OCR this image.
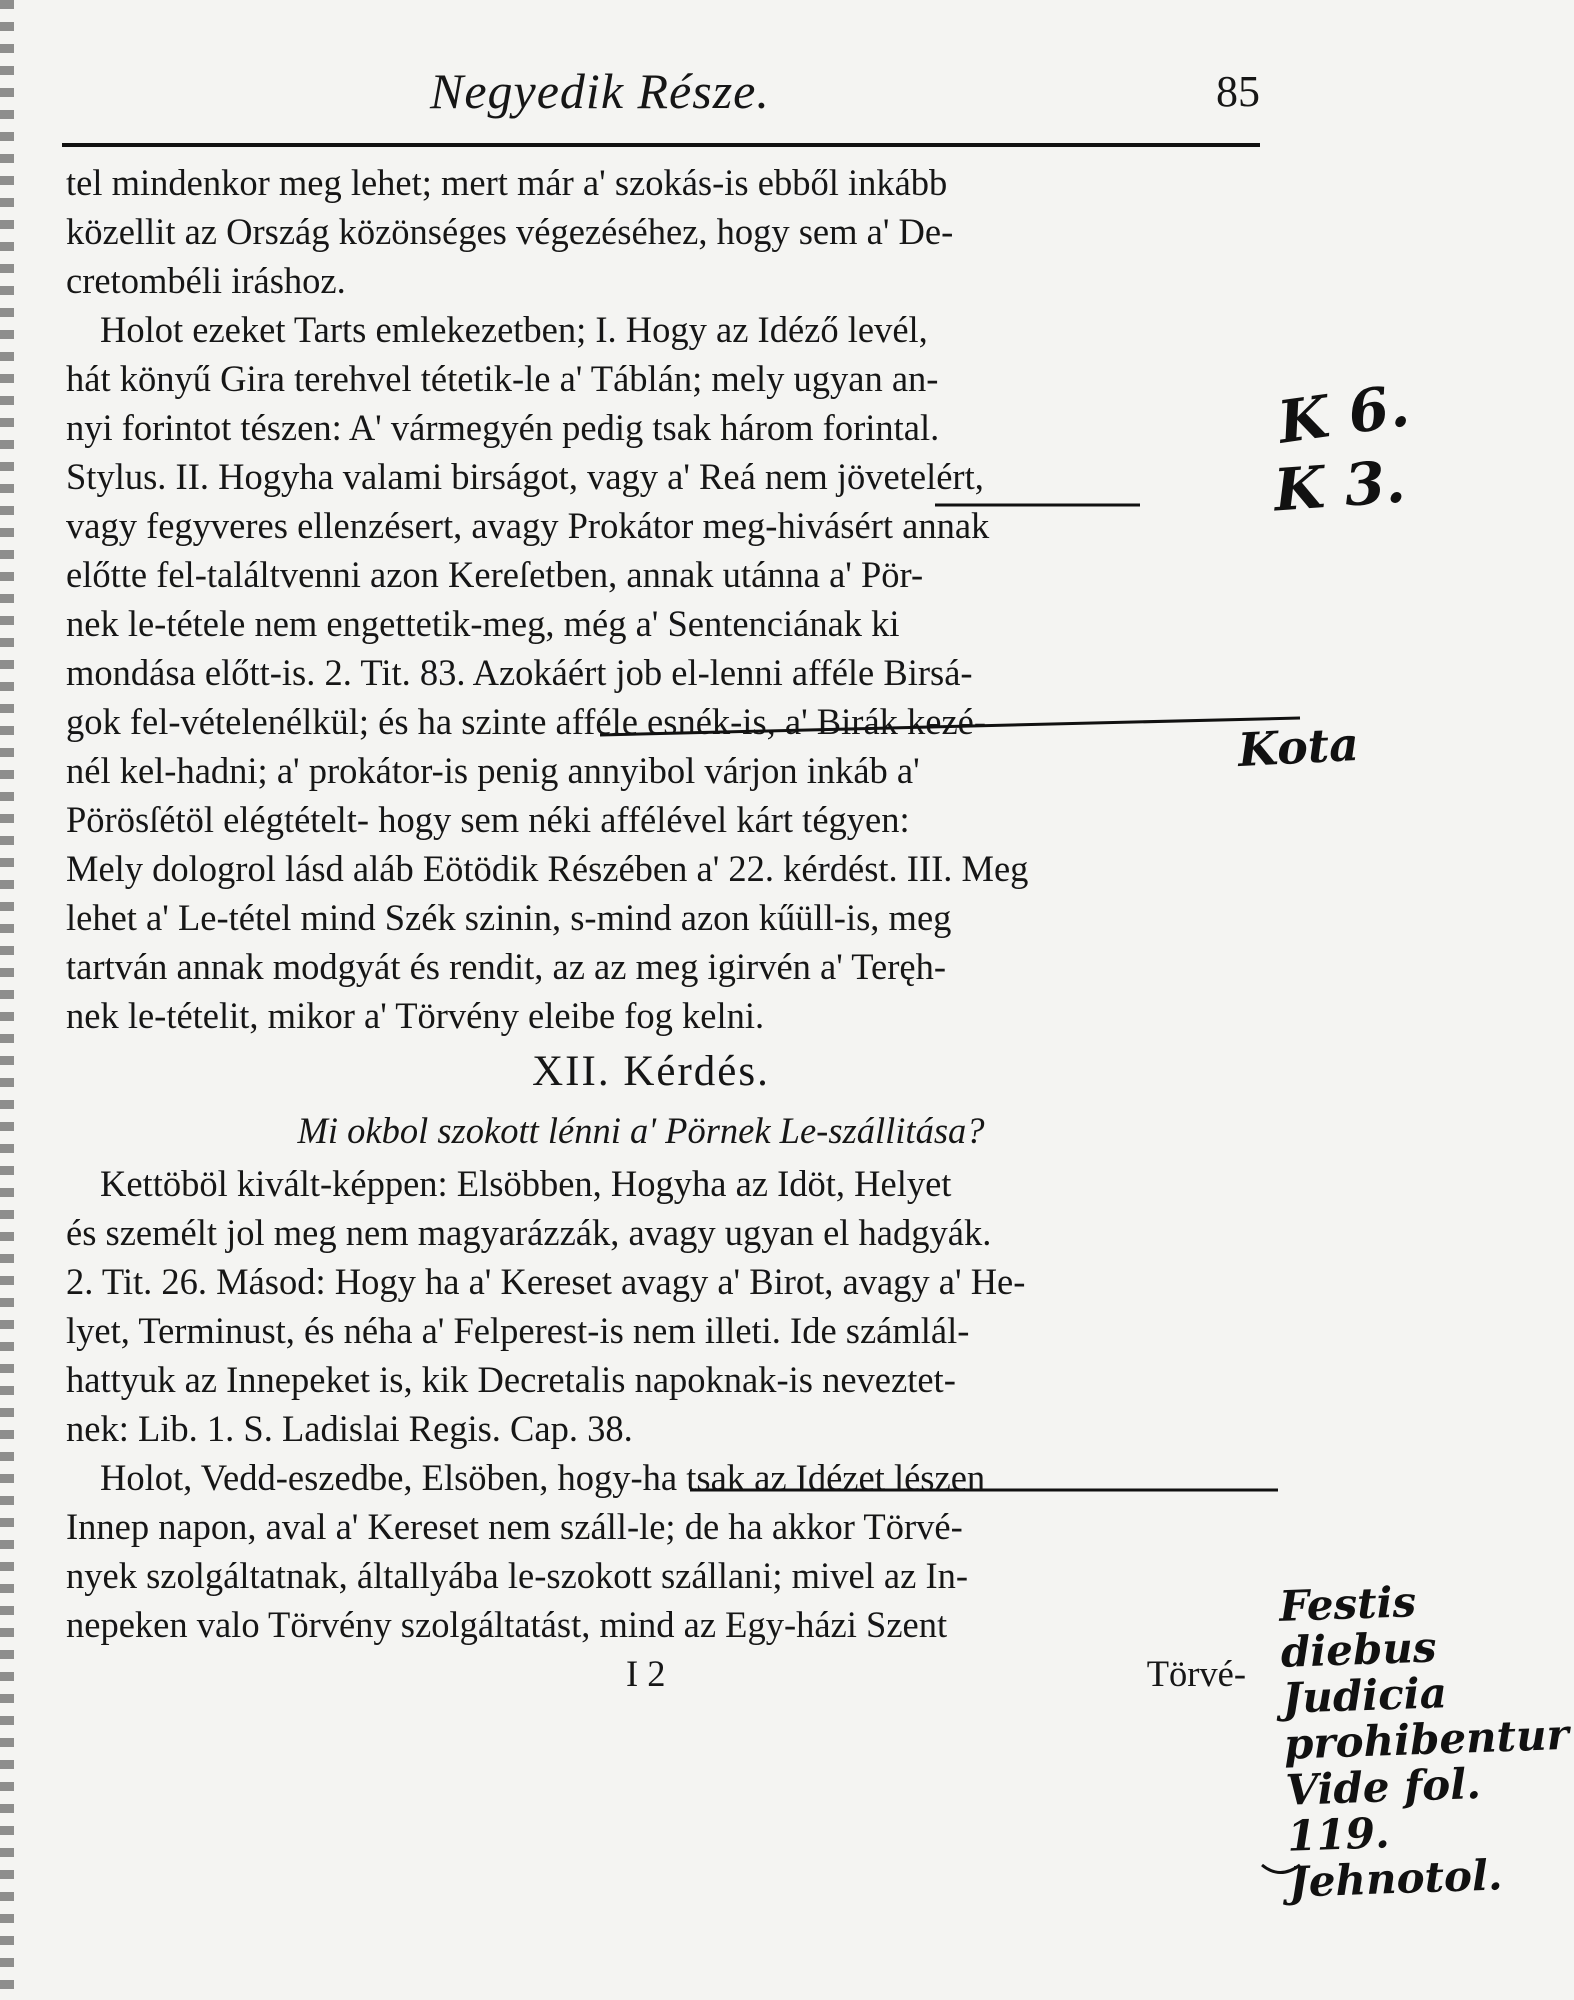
Negyedik Része.	85
tel mindenkor meg lehet; mert már a' szokás-is ebből inkább
közellit az Ország közönséges végezéséhez, hogy sem a' De-
cretombéli iráshoz.
Holot ezeket Tarts emlekezetben; I. Hogy az Idéző levél,
hát könyű Gira terehvel tétetik-le a' Táblán; mely ugyan an-
nyi forintot tészen: A' vármegyén pedig tsak három forintal.
Stylus. II. Hogyha valami birságot, vagy a' Reá nem jövetelért,
vagy fegyveres ellenzésert, avagy Prokátor meg-hivásért annak
előtte fel-találtvenni azon Kereſetben, annak utánna a' Pör-
nek le-tétele nem engettetik-meg, még a' Sentenciának ki
mondása előtt-is. 2. Tit. 83. Azokáért job el-lenni afféle Birsá-
gok fel-vételenélkül; és ha szinte afféle esnék-is, a' Birák kezé-
nél kel-hadni; a' prokátor-is penig annyibol várjon inkáb a'
Pörösſétöl elégtételt- hogy sem néki affélével kárt tégyen:
Mely dologrol lásd aláb Eötödik Részében a' 22. kérdést. III. Meg
lehet a' Le-tétel mind Szék szinin, s-mind azon kűüll-is, meg
tartván annak modgyát és rendit, az az meg igirvén a' Teręh-
nek le-tételit, mikor a' Törvény eleibe fog kelni.
XII. Kérdés.
Mi okbol szokott lénni a' Pörnek Le-szállitása?
Kettöböl kivált-képpen: Elsöbben, Hogyha az Idöt, Helyet
és személt jol meg nem magyarázzák, avagy ugyan el hadgyák.
2. Tit. 26. Másod: Hogy ha a' Kereset avagy a' Birot, avagy a' He-
lyet, Terminust, és néha a' Felperest-is nem illeti. Ide számlál-
hattyuk az Innepeket is, kik Decretalis napoknak-is neveztet-
nek: Lib. 1. S. Ladislai Regis. Cap. 38.
Holot, Vedd-eszedbe, Elsöben, hogy-ha tsak az Idézet lészen
Innep napon, aval a' Kereset nem száll-le; de ha akkor Törvé-
nyek szolgáltatnak, általlyába le-szokott szállani; mivel az In-
nepeken valo Törvény szolgáltatást, mind az Egy-házi Szent
I 2	Törvé-
K 6.
K 3.
Kota
Festis diebus Judicia prohibentur Vide fol. 119. Jehnotol.
